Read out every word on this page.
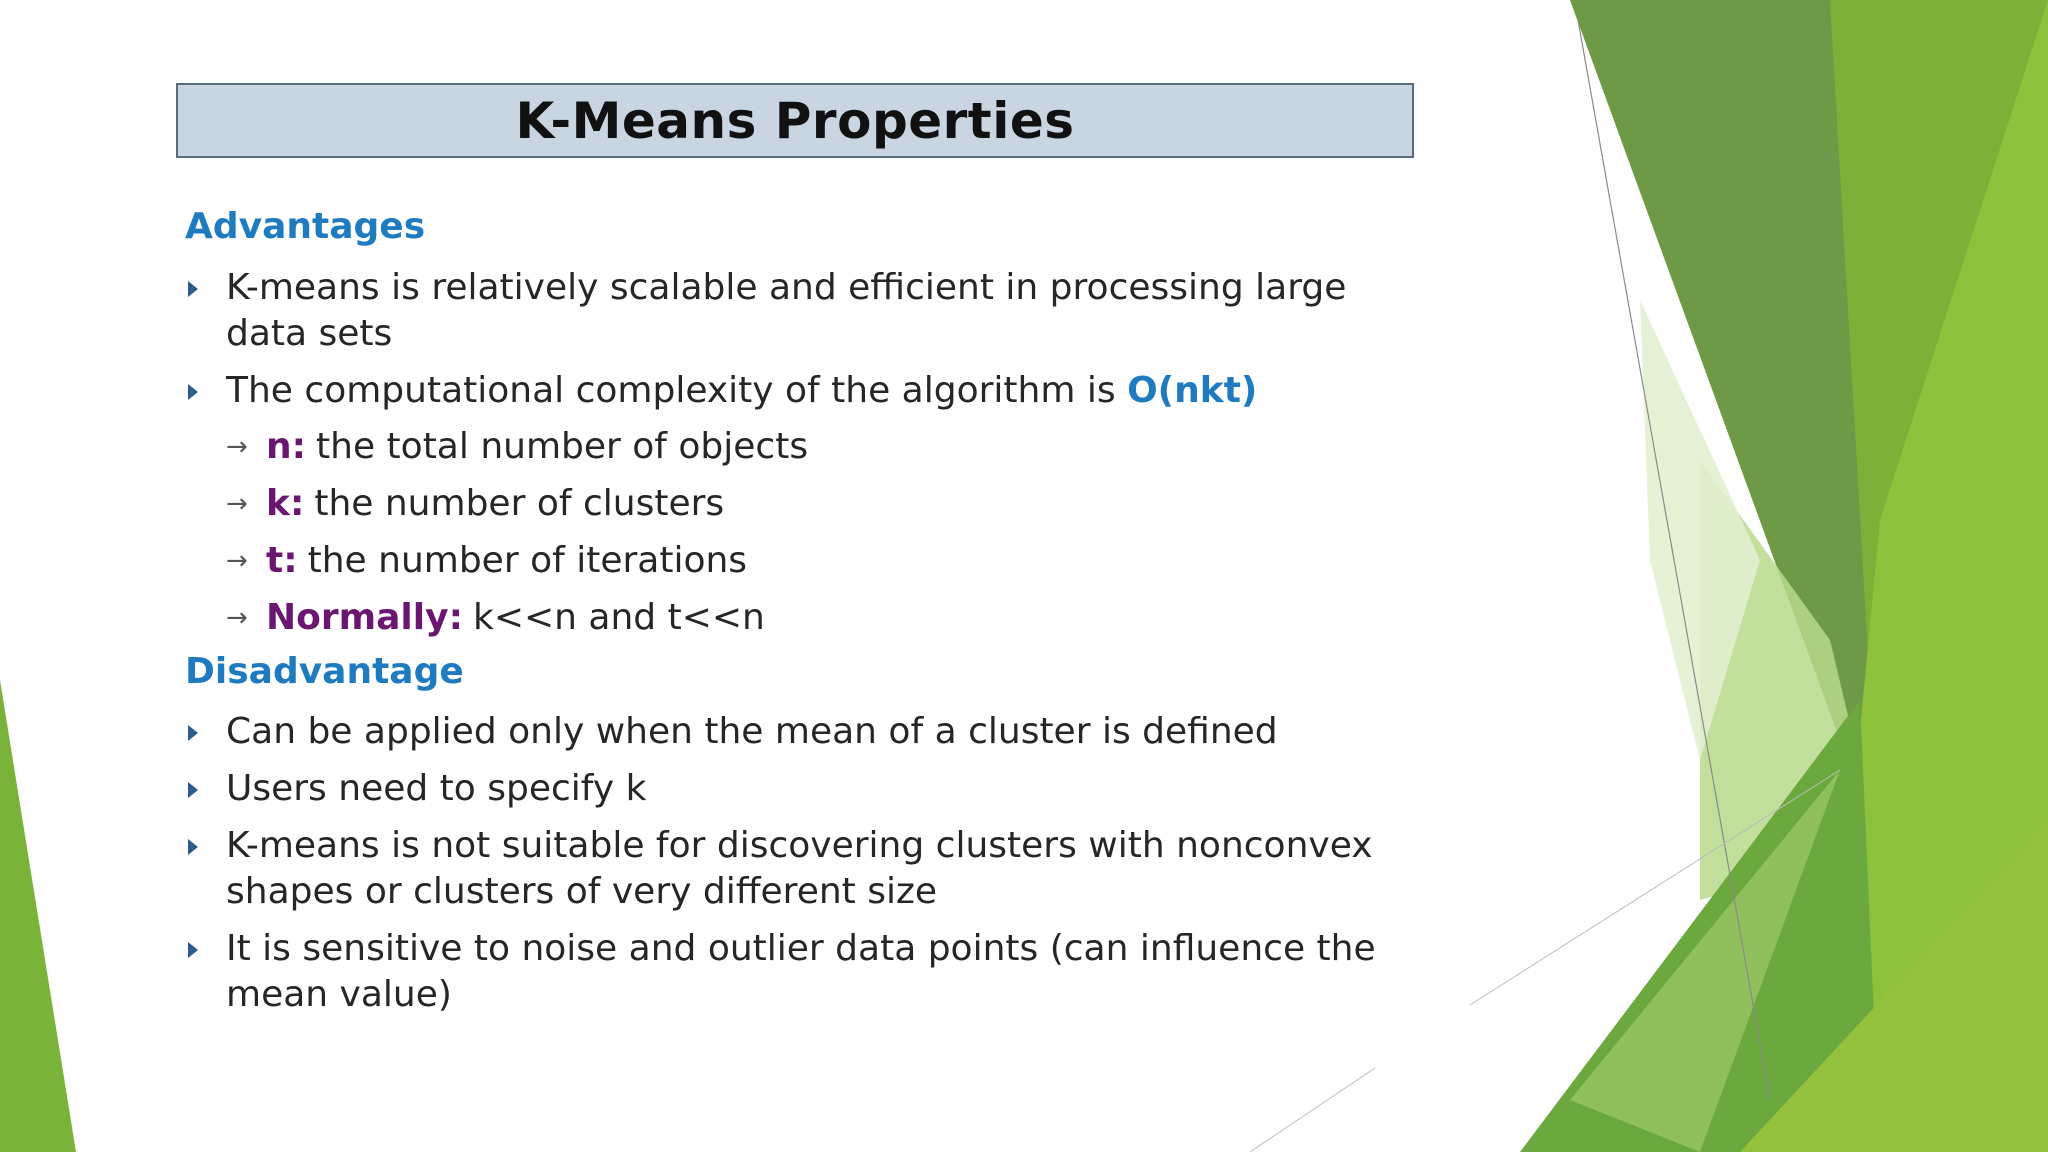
K-Means Properties
Advantages
K-means is relatively scalable and efficient in processing large data sets
The computational complexity of the algorithm is O(nkt)
→ n: the total number of objects
→ k: the number of clusters
→ t: the number of iterations
→ Normally: k<<n and t<<n
Disadvantage
Can be applied only when the mean of a cluster is defined
Users need to specify k
K-means is not suitable for discovering clusters with nonconvex shapes or clusters of very different size
It is sensitive to noise and outlier data points (can influence the mean value)
